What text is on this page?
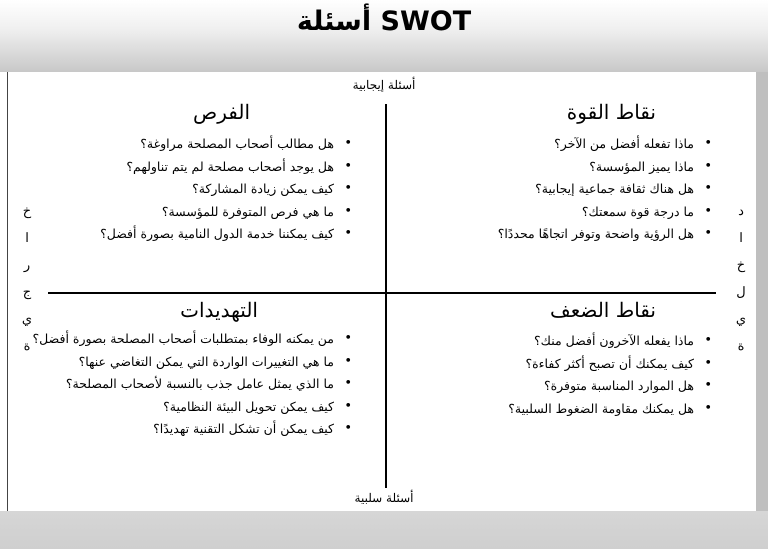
أسئلة SWOT
أسئلة إيجابية
أسئلة سلبية
خ
ا
ر
ج
ي
ة
د
ا
خ
ل
ي
ة
نقاط القوة
• ماذا تفعله أفضل من الآخر؟
• ماذا يميز المؤسسة؟
• هل هناك ثقافة جماعية إيجابية؟
• ما درجة قوة سمعتك؟
• هل الرؤية واضحة وتوفر اتجاهًا محددًا؟
الفرص
• هل مطالب أصحاب المصلحة مراوغة؟
• هل يوجد أصحاب مصلحة لم يتم تناولهم؟
• كيف يمكن زيادة المشاركة؟
• ما هي فرص المتوفرة للمؤسسة؟
• كيف يمكننا خدمة الدول النامية بصورة أفضل؟
نقاط الضعف
• ماذا يفعله الآخرون أفضل منك؟
• كيف يمكنك أن تصبح أكثر كفاءة؟
• هل الموارد المناسبة متوفرة؟
• هل يمكنك مقاومة الضغوط السلبية؟
التهديدات
• من يمكنه الوفاء بمتطلبات أصحاب المصلحة بصورة أفضل؟
• ما هي التغييرات الواردة التي يمكن التغاضي عنها؟
• ما الذي يمثل عامل جذب بالنسبة لأصحاب المصلحة؟
• كيف يمكن تحويل البيئة النظامية؟
• كيف يمكن أن تشكل التقنية تهديدًا؟
